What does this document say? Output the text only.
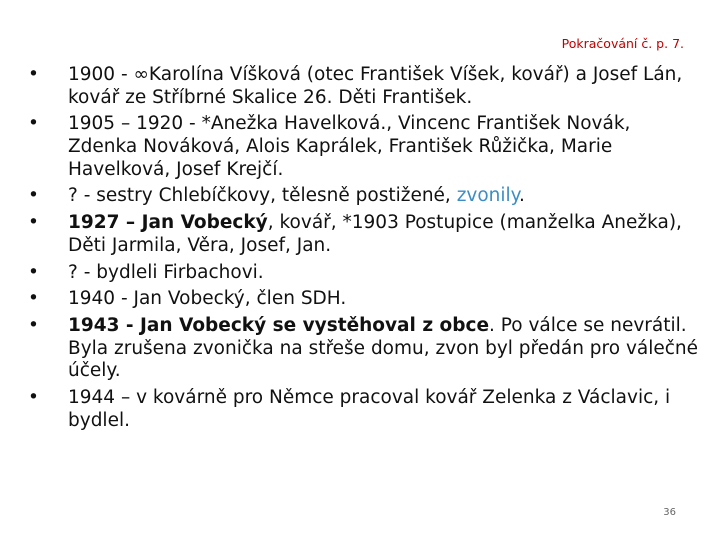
Pokračování č. p. 7.
•	1900 - ∞Karolína Víšková (otec František Víšek, kovář) a Josef Lán, kovář ze Stříbrné Skalice 26. Děti František.
•	1905 – 1920 - *Anežka Havelková., Vincenc František Novák, Zdenka Nováková, Alois Kaprálek, František Růžička, Marie Havelková, Josef Krejčí.
•	? - sestry Chlebíčkovy, tělesně postižené, zvonily.
•	1927 – Jan Vobecký, kovář, *1903 Postupice (manželka Anežka), Děti Jarmila, Věra, Josef, Jan.
•	? - bydleli Firbachovi.
•	1940 - Jan Vobecký, člen SDH.
•	1943 - Jan Vobecký se vystěhoval z obce. Po válce se nevrátil. Byla zrušena zvonička na střeše domu, zvon byl předán pro válečné účely.
•	1944 – v kovárně pro Němce pracoval kovář Zelenka z Václavic, i bydlel.
36
